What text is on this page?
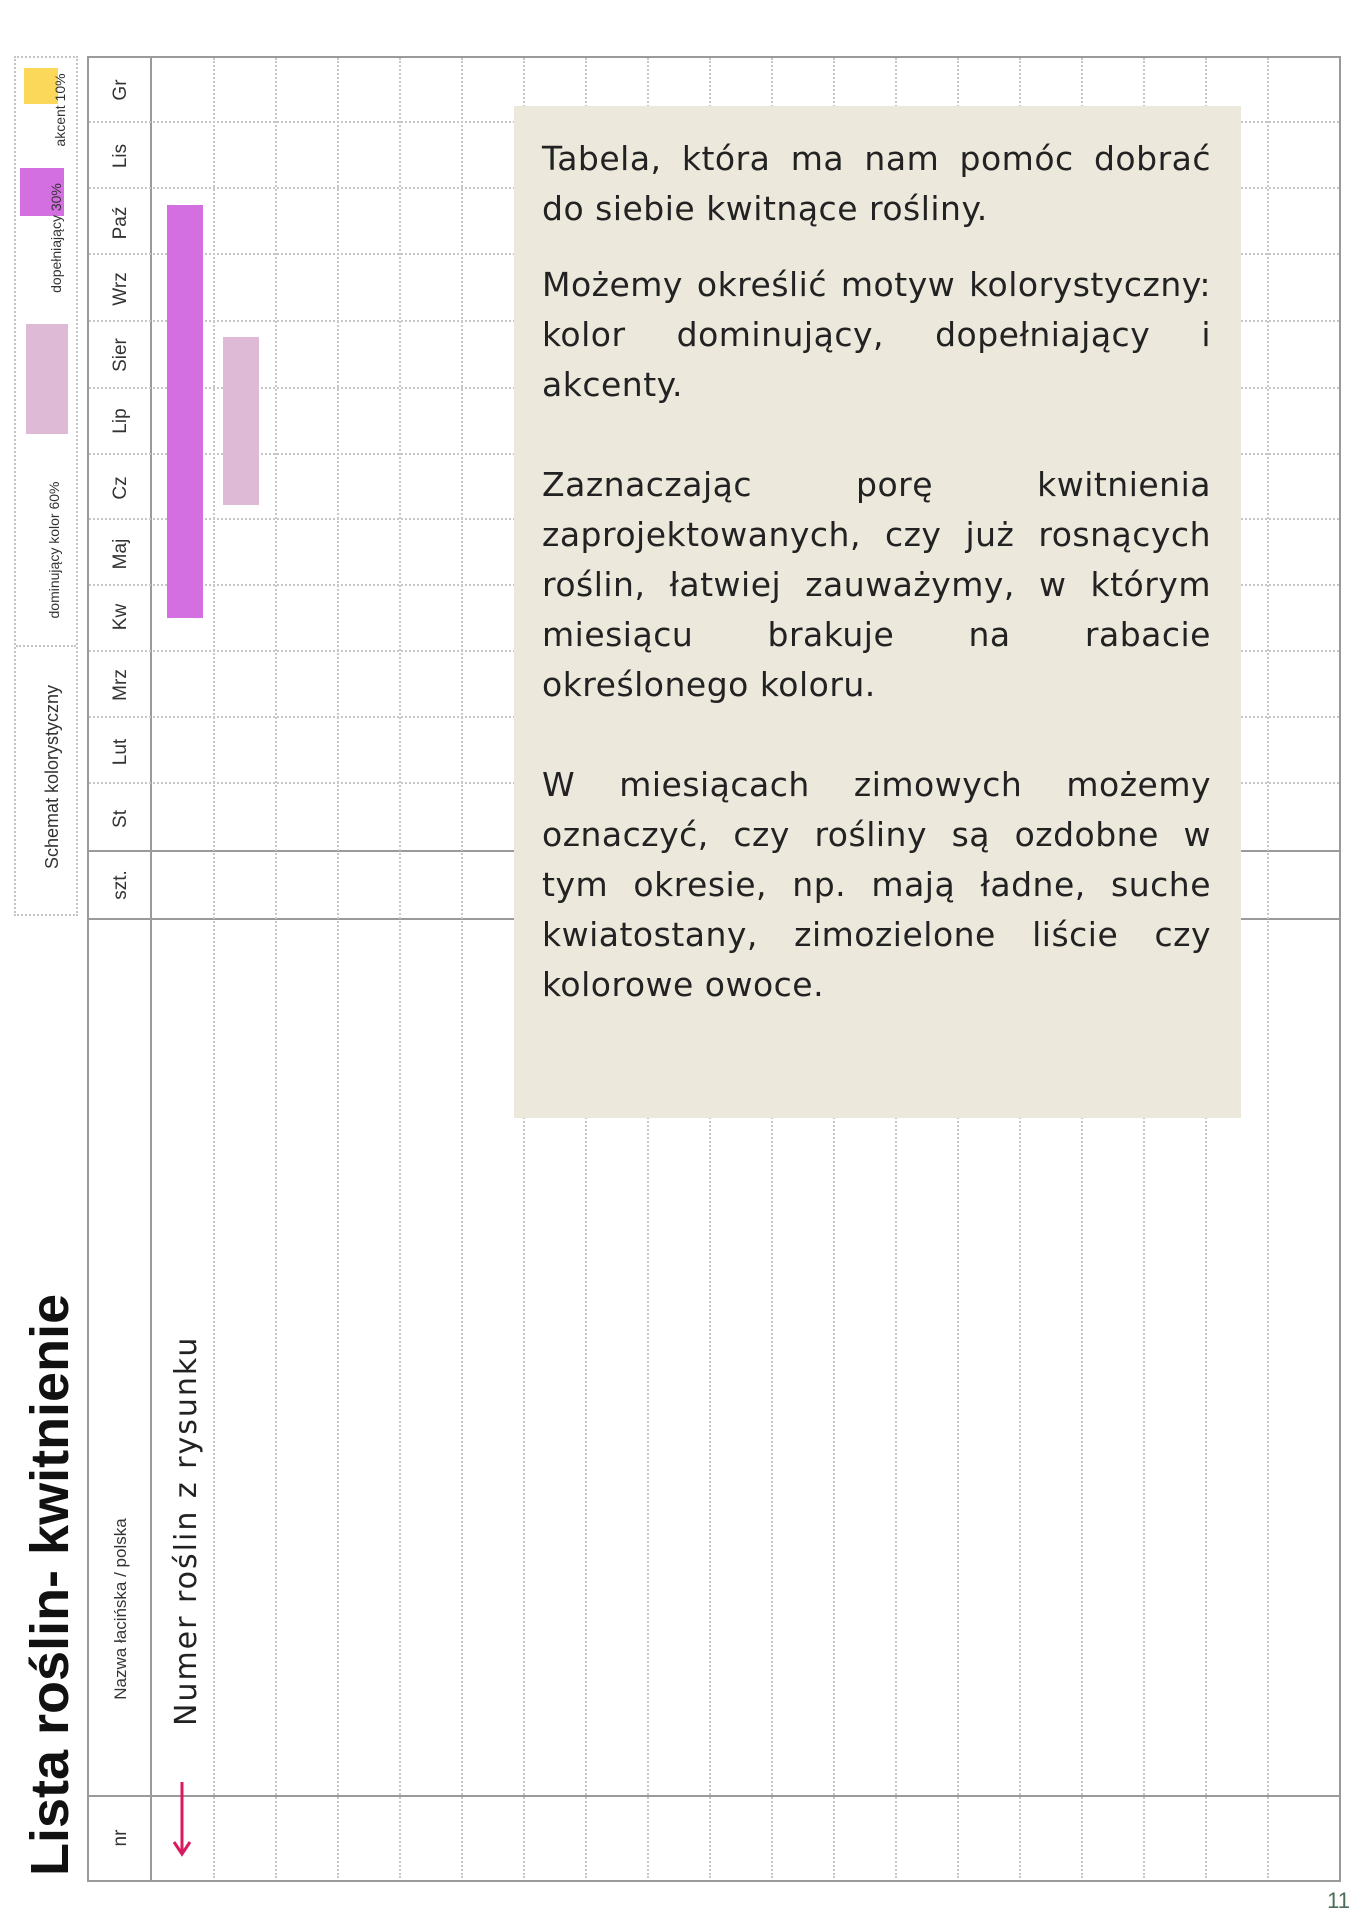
Lista roślin- kwitnienie
Schemat kolorystyczny
dominujący kolor 60%
dopełniający 30%
akcent 10%
nr
Nazwa łacińska / polska
szt.
St
Lut
Mrz
Kw
Maj
Cz
Lip
Sier
Wrz
Paź
Lis
Gr
Numer roślin z rysunku

Tabela, która ma nam pomóc dobrać do siebie kwitnące rośliny.

Możemy określić motyw kolorystyczny: kolor dominujący, dopełniający i akcenty.

Zaznaczając porę kwitnienia zaprojektowanych, czy już rosnących roślin, łatwiej zauważymy, w którym miesiącu brakuje na rabacie określonego koloru.

W miesiącach zimowych możemy oznaczyć, czy rośliny są ozdobne w tym okresie, np. mają ładne, suche kwiatostany, zimozielone liście czy kolorowe owoce.

11
